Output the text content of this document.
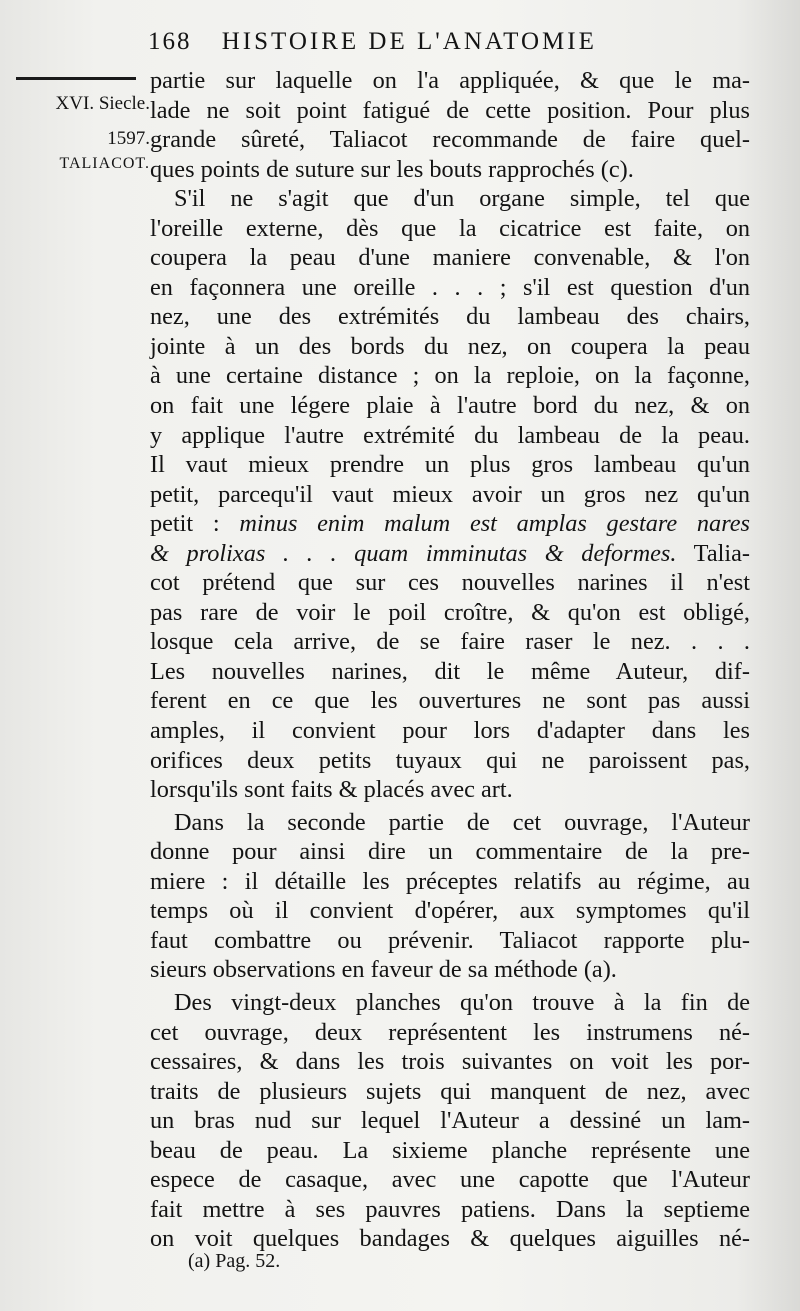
168 HISTOIRE DE L'ANATOMIE
XVI. Siecle.
1597.
TALIACOT.
partie sur laquelle on l'a appliquée, & que le ma-
lade ne soit point fatigué de cette position. Pour plus
grande sûreté, Taliacot recommande de faire quel-
ques points de suture sur les bouts rapprochés (c).
S'il ne s'agit que d'un organe simple, tel que
l'oreille externe, dès que la cicatrice est faite, on
coupera la peau d'une maniere convenable, & l'on
en façonnera une oreille . . . ; s'il est question d'un
nez, une des extrémités du lambeau des chairs,
jointe à un des bords du nez, on coupera la peau
à une certaine distance ; on la reploie, on la façonne,
on fait une légere plaie à l'autre bord du nez, & on
y applique l'autre extrémité du lambeau de la peau.
Il vaut mieux prendre un plus gros lambeau qu'un
petit, parcequ'il vaut mieux avoir un gros nez qu'un
petit : minus enim malum est amplas gestare nares
& prolixas . . . quam imminutas & deformes. Talia-
cot prétend que sur ces nouvelles narines il n'est
pas rare de voir le poil croître, & qu'on est obligé,
losque cela arrive, de se faire raser le nez. . . .
Les nouvelles narines, dit le même Auteur, dif-
ferent en ce que les ouvertures ne sont pas aussi
amples, il convient pour lors d'adapter dans les
orifices deux petits tuyaux qui ne paroissent pas,
lorsqu'ils sont faits & placés avec art.
Dans la seconde partie de cet ouvrage, l'Auteur
donne pour ainsi dire un commentaire de la pre-
miere : il détaille les préceptes relatifs au régime, au
temps où il convient d'opérer, aux symptomes qu'il
faut combattre ou prévenir. Taliacot rapporte plu-
sieurs observations en faveur de sa méthode (a).
Des vingt-deux planches qu'on trouve à la fin de
cet ouvrage, deux représentent les instrumens né-
cessaires, & dans les trois suivantes on voit les por-
traits de plusieurs sujets qui manquent de nez, avec
un bras nud sur lequel l'Auteur a dessiné un lam-
beau de peau. La sixieme planche représente une
espece de casaque, avec une capotte que l'Auteur
fait mettre à ses pauvres patiens. Dans la septieme
on voit quelques bandages & quelques aiguilles né-
(a) Pag. 52.
